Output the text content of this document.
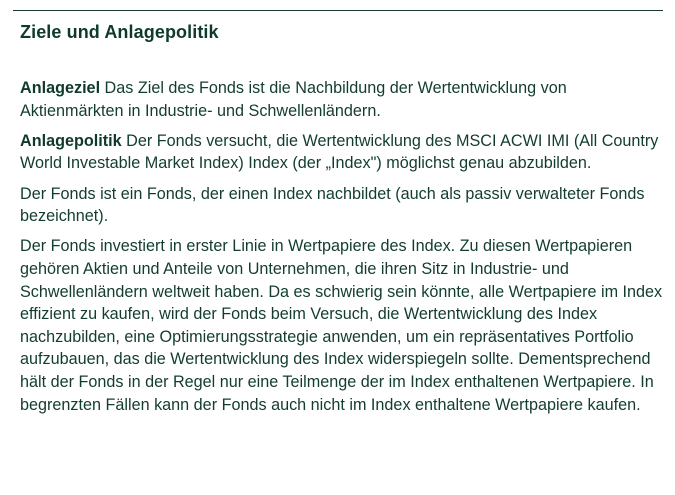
Ziele und Anlagepolitik

Anlageziel Das Ziel des Fonds ist die Nachbildung der Wertentwicklung von Aktienmärkten in Industrie- und Schwellenländern.

Anlagepolitik Der Fonds versucht, die Wertentwicklung des MSCI ACWI IMI (All Country World Investable Market Index) Index (der „Index") möglichst genau abzubilden.

Der Fonds ist ein Fonds, der einen Index nachbildet (auch als passiv verwalteter Fonds bezeichnet).

Der Fonds investiert in erster Linie in Wertpapiere des Index. Zu diesen Wertpapieren gehören Aktien und Anteile von Unternehmen, die ihren Sitz in Industrie- und Schwellenländern weltweit haben. Da es schwierig sein könnte, alle Wertpapiere im Index effizient zu kaufen, wird der Fonds beim Versuch, die Wertentwicklung des Index nachzubilden, eine Optimierungsstrategie anwenden, um ein repräsentatives Portfolio aufzubauen, das die Wertentwicklung des Index widerspiegeln sollte. Dementsprechend hält der Fonds in der Regel nur eine Teilmenge der im Index enthaltenen Wertpapiere. In begrenzten Fällen kann der Fonds auch nicht im Index enthaltene Wertpapiere kaufen.
